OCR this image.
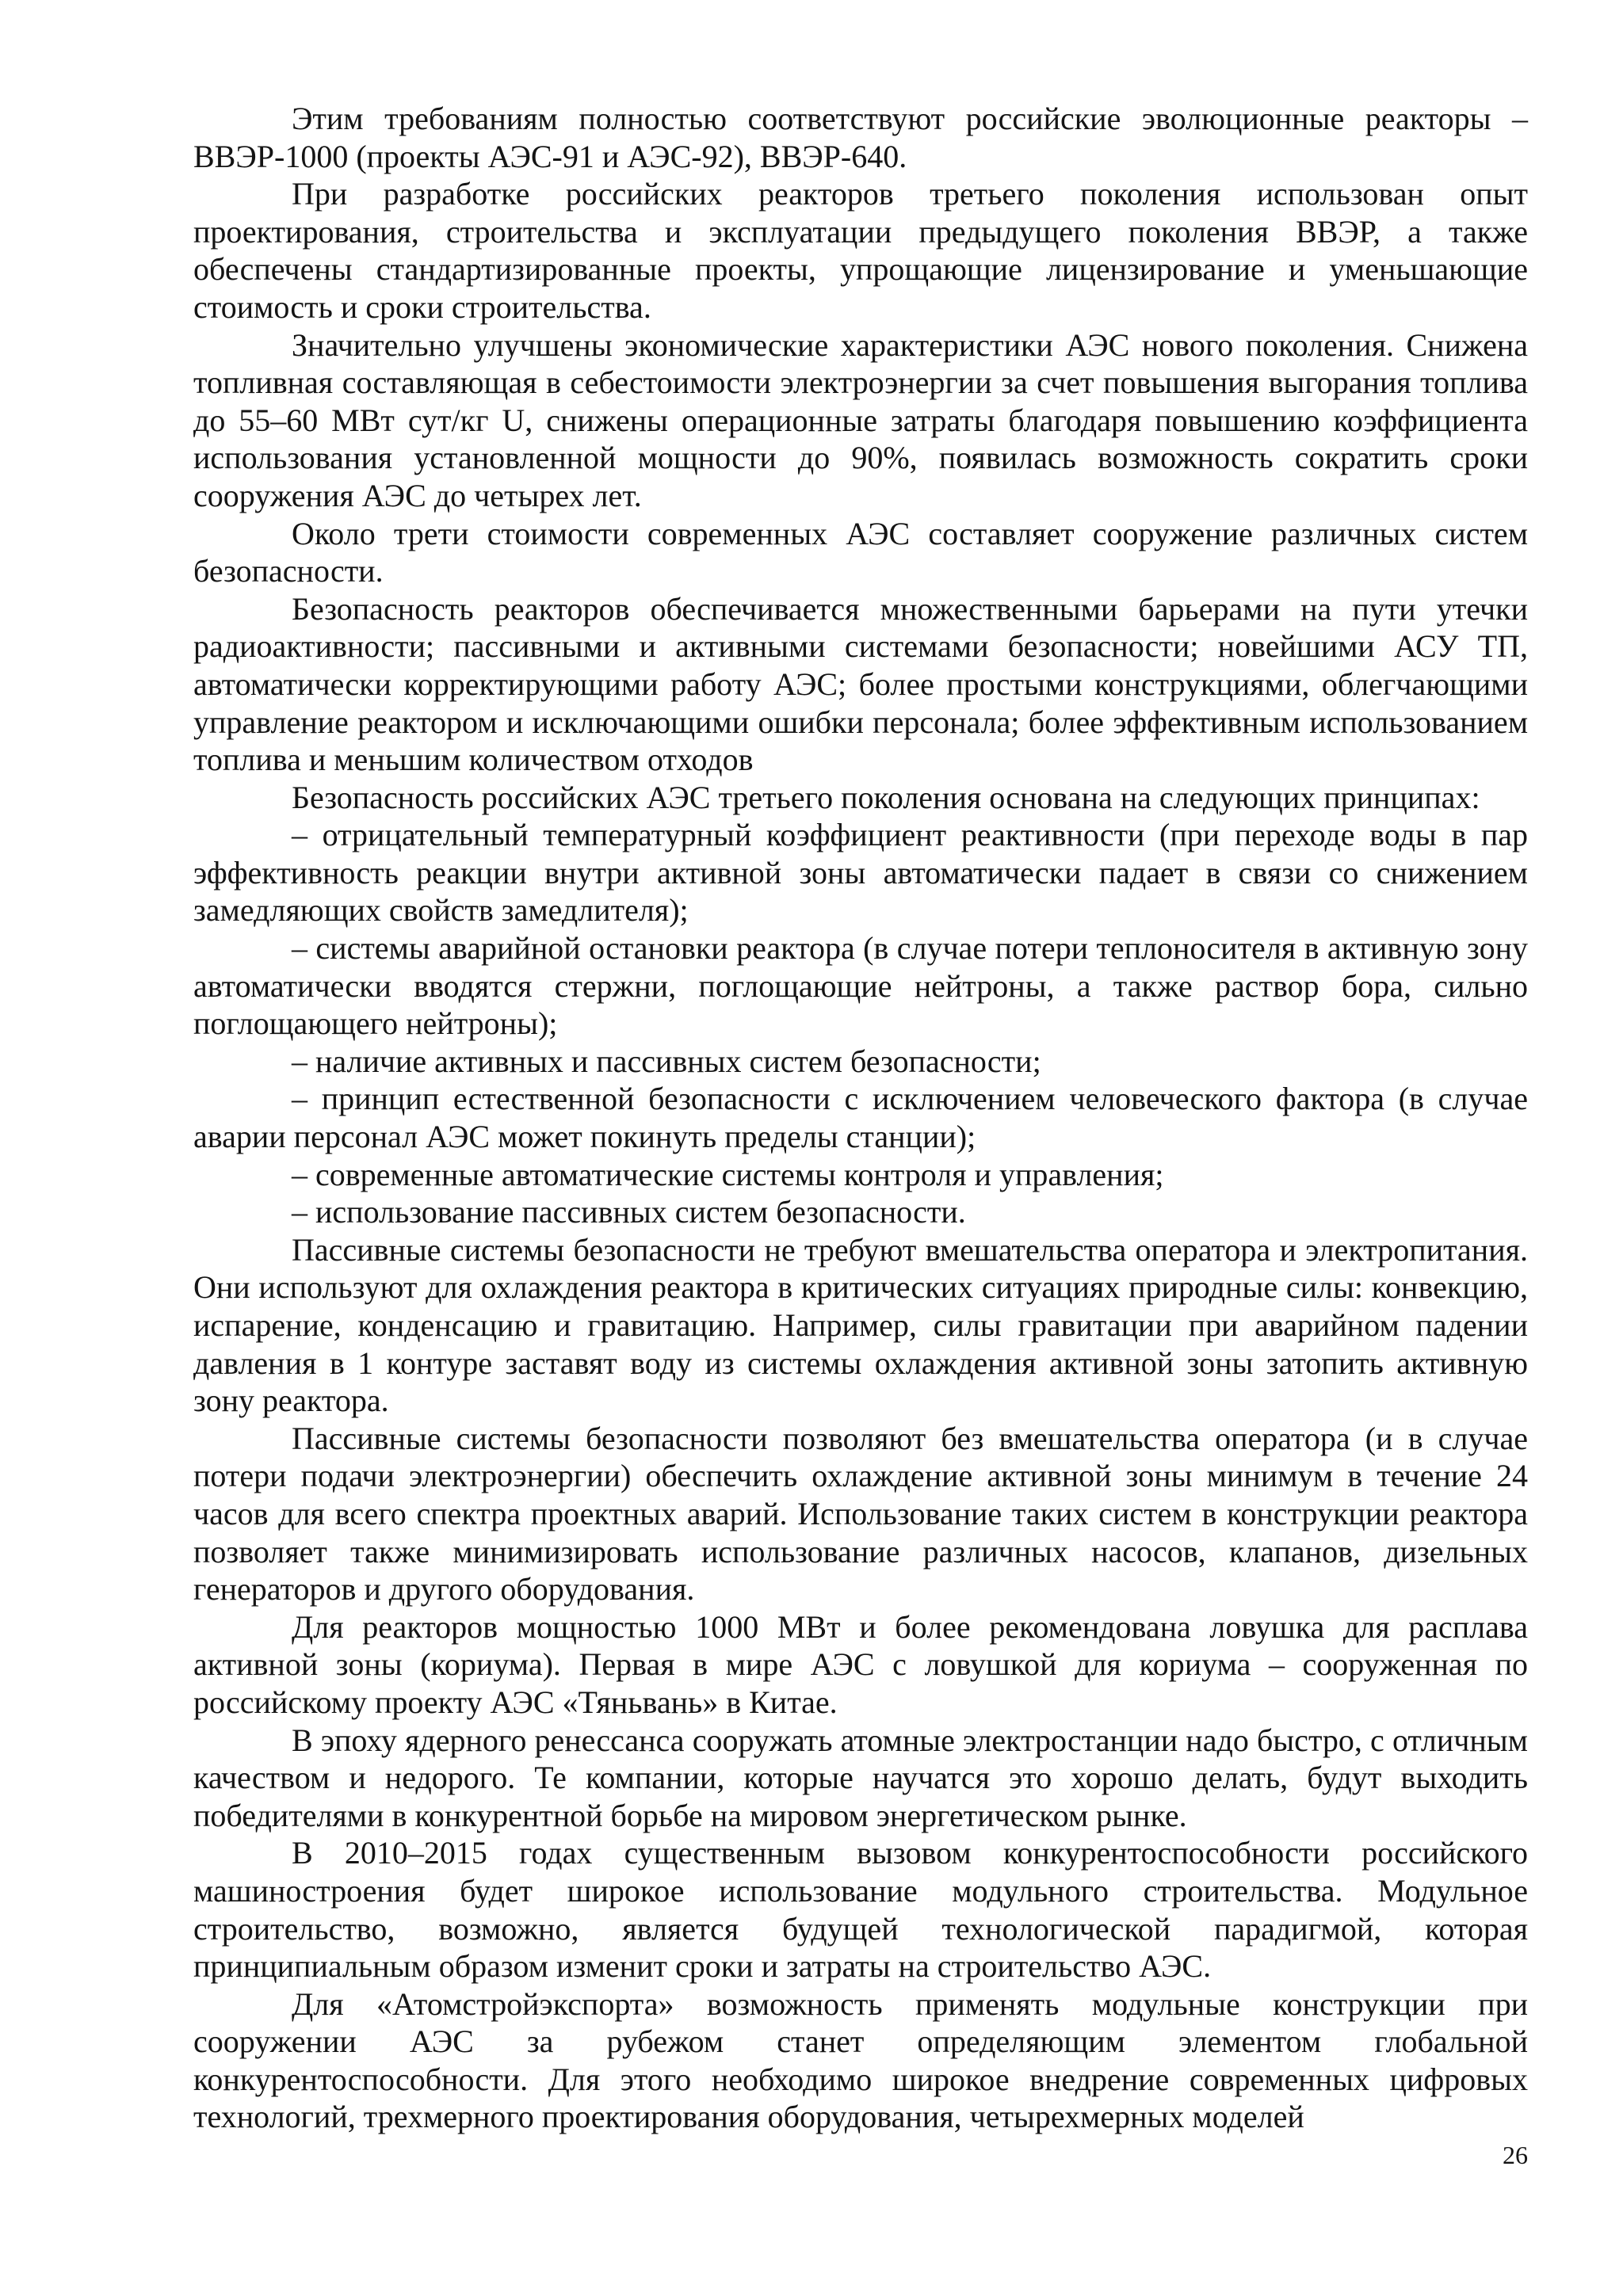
Этим требованиям полностью соответствуют российские эволюционные реакторы – ВВЭР-1000 (проекты АЭС-91 и АЭС-92), ВВЭР-640.

При разработке российских реакторов третьего поколения использован опыт проектирования, строительства и эксплуатации предыдущего поколения ВВЭР, а также обеспечены стандартизированные проекты, упрощающие лицензирование и уменьшающие стоимость и сроки строительства.

Значительно улучшены экономические характеристики АЭС нового поколения. Снижена топливная составляющая в себестоимости электроэнергии за счет повышения выгорания топлива до 55–60 МВт сут/кг U, снижены операционные затраты благодаря повышению коэффициента использования установленной мощности до 90%, появилась возможность сократить сроки сооружения АЭС до четырех лет.

Около трети стоимости современных АЭС составляет сооружение различных систем безопасности.

Безопасность реакторов обеспечивается множественными барьерами на пути утечки радиоактивности; пассивными и активными системами безопасности; новейшими АСУ ТП, автоматически корректирующими работу АЭС; более простыми конструкциями, облегчающими управление реактором и исключающими ошибки персонала; более эффективным использованием топлива и меньшим количеством отходов

Безопасность российских АЭС третьего поколения основана на следующих принципах:

– отрицательный температурный коэффициент реактивности (при переходе воды в пар эффективность реакции внутри активной зоны автоматически падает в связи со снижением замедляющих свойств замедлителя);

– системы аварийной остановки реактора (в случае потери теплоносителя в активную зону автоматически вводятся стержни, поглощающие нейтроны, а также раствор бора, сильно поглощающего нейтроны);

– наличие активных и пассивных систем безопасности;

– принцип естественной безопасности с исключением человеческого фактора (в случае аварии персонал АЭС может покинуть пределы станции);

– современные автоматические системы контроля и управления;

– использование пассивных систем безопасности.

Пассивные системы безопасности не требуют вмешательства оператора и электропитания. Они используют для охлаждения реактора в критических ситуациях природные силы: конвекцию, испарение, конденсацию и гравитацию. Например, силы гравитации при аварийном падении давления в 1 контуре заставят воду из системы охлаждения активной зоны затопить активную зону реактора.

Пассивные системы безопасности позволяют без вмешательства оператора (и в случае потери подачи электроэнергии) обеспечить охлаждение активной зоны минимум в течение 24 часов для всего спектра проектных аварий. Использование таких систем в конструкции реактора позволяет также минимизировать использование различных насосов, клапанов, дизельных генераторов и другого оборудования.

Для реакторов мощностью 1000 МВт и более рекомендована ловушка для расплава активной зоны (кориума). Первая в мире АЭС с ловушкой для кориума – сооруженная по российскому проекту АЭС «Тяньвань» в Китае.

В эпоху ядерного ренессанса сооружать атомные электростанции надо быстро, с отличным качеством и недорого. Те компании, которые научатся это хорошо делать, будут выходить победителями в конкурентной борьбе на мировом энергетическом рынке.

В 2010–2015 годах существенным вызовом конкурентоспособности российского машиностроения будет широкое использование модульного строительства. Модульное строительство, возможно, является будущей технологической парадигмой, которая принципиальным образом изменит сроки и затраты на строительство АЭС.

Для «Атомстройэкспорта» возможность применять модульные конструкции при сооружении АЭС за рубежом станет определяющим элементом глобальной конкурентоспособности. Для этого необходимо широкое внедрение современных цифровых технологий, трехмерного проектирования оборудования, четырехмерных моделей

26
